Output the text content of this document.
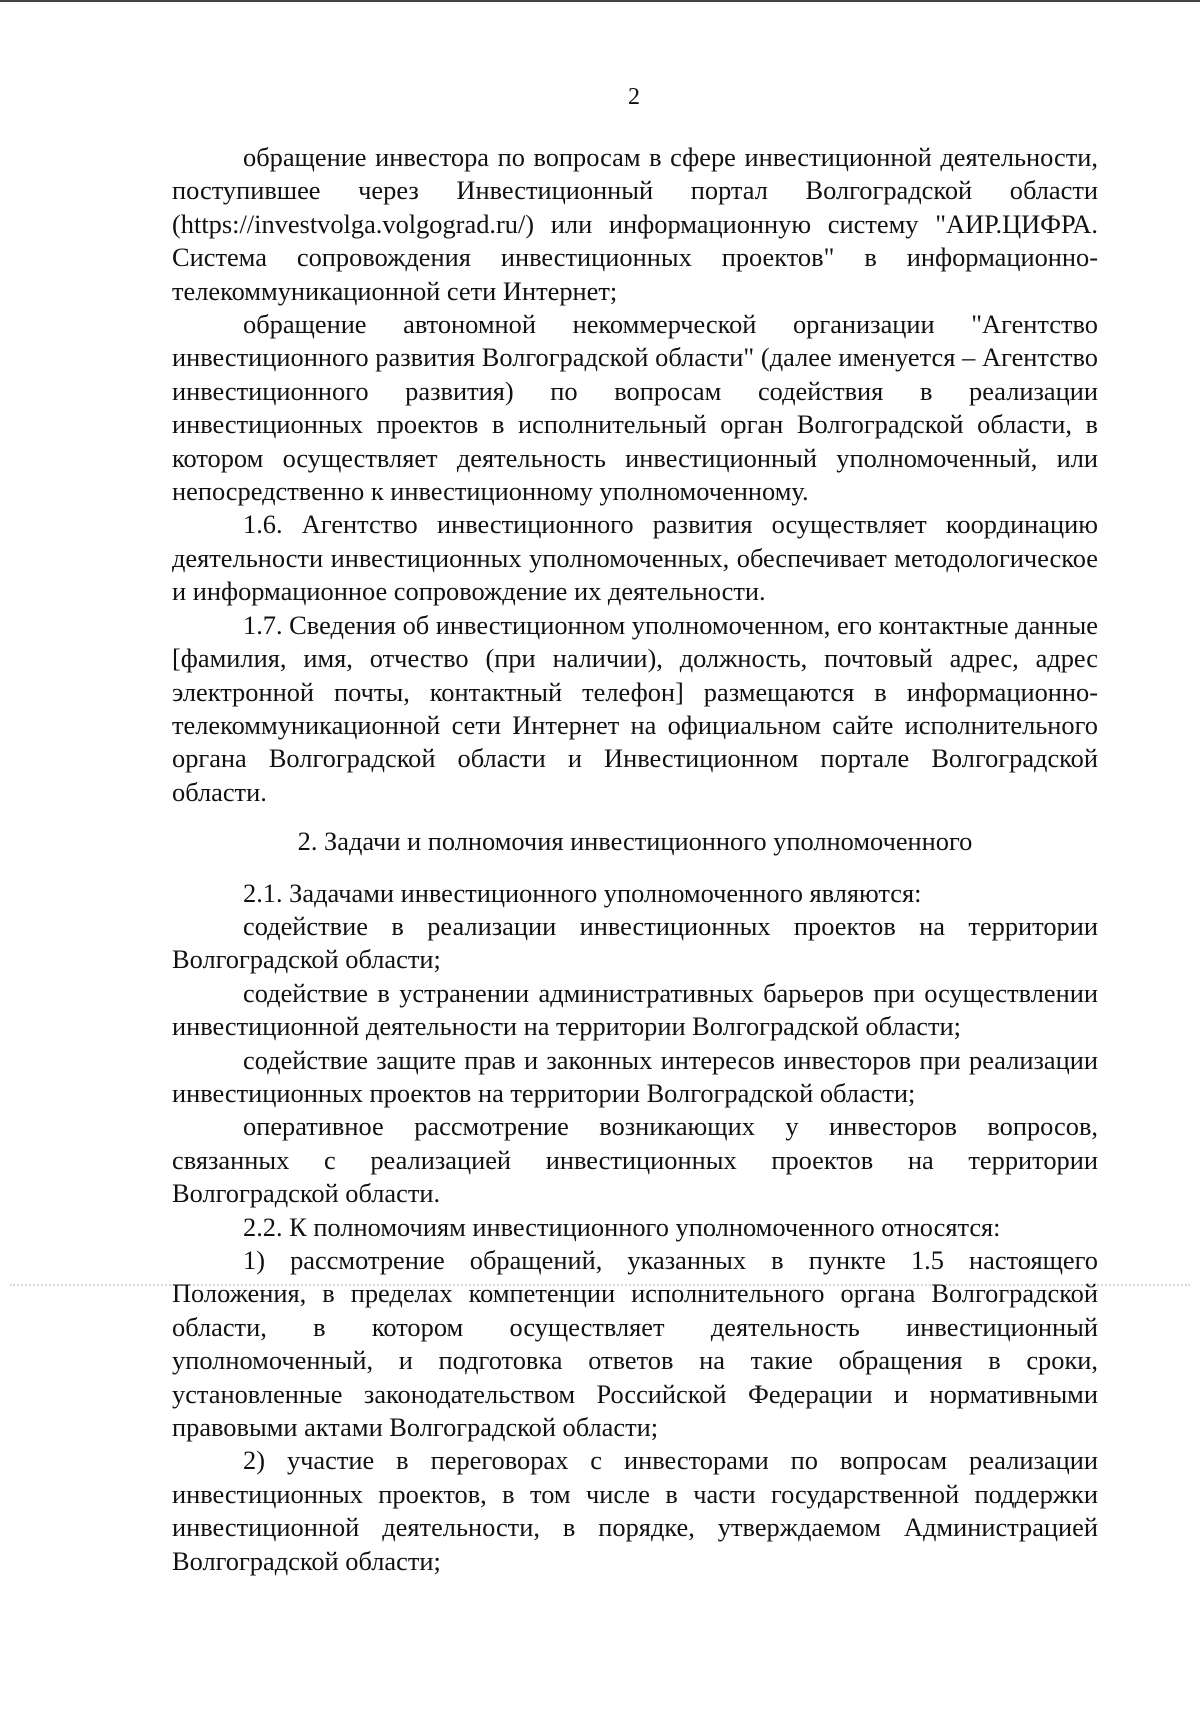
2

обращение инвестора по вопросам в сфере инвестиционной деятельности, поступившее через Инвестиционный портал Волгоградской области (https://investvolga.volgograd.ru/) или информационную систему "АИР.ЦИФРА. Система сопровождения инвестиционных проектов" в информационно-телекоммуникационной сети Интернет;

обращение автономной некоммерческой организации "Агентство инвестиционного развития Волгоградской области" (далее именуется – Агентство инвестиционного развития) по вопросам содействия в реализации инвестиционных проектов в исполнительный орган Волгоградской области, в котором осуществляет деятельность инвестиционный уполномоченный, или непосредственно к инвестиционному уполномоченному.

1.6. Агентство инвестиционного развития осуществляет координацию деятельности инвестиционных уполномоченных, обеспечивает методологическое и информационное сопровождение их деятельности.

1.7. Сведения об инвестиционном уполномоченном, его контактные данные [фамилия, имя, отчество (при наличии), должность, почтовый адрес, адрес электронной почты, контактный телефон] размещаются в информационно-телекоммуникационной сети Интернет на официальном сайте исполнительного органа Волгоградской области и Инвестиционном портале Волгоградской области.

2. Задачи и полномочия инвестиционного уполномоченного

2.1. Задачами инвестиционного уполномоченного являются:

содействие в реализации инвестиционных проектов на территории Волгоградской области;

содействие в устранении административных барьеров при осуществлении инвестиционной деятельности на территории Волгоградской области;

содействие защите прав и законных интересов инвесторов при реализации инвестиционных проектов на территории Волгоградской области;

оперативное рассмотрение возникающих у инвесторов вопросов, связанных с реализацией инвестиционных проектов на территории Волгоградской области.

2.2. К полномочиям инвестиционного уполномоченного относятся:

1) рассмотрение обращений, указанных в пункте 1.5 настоящего Положения, в пределах компетенции исполнительного органа Волгоградской области, в котором осуществляет деятельность инвестиционный уполномоченный, и подготовка ответов на такие обращения в сроки, установленные законодательством Российской Федерации и нормативными правовыми актами Волгоградской области;

2) участие в переговорах с инвесторами по вопросам реализации инвестиционных проектов, в том числе в части государственной поддержки инвестиционной деятельности, в порядке, утверждаемом Администрацией Волгоградской области;
